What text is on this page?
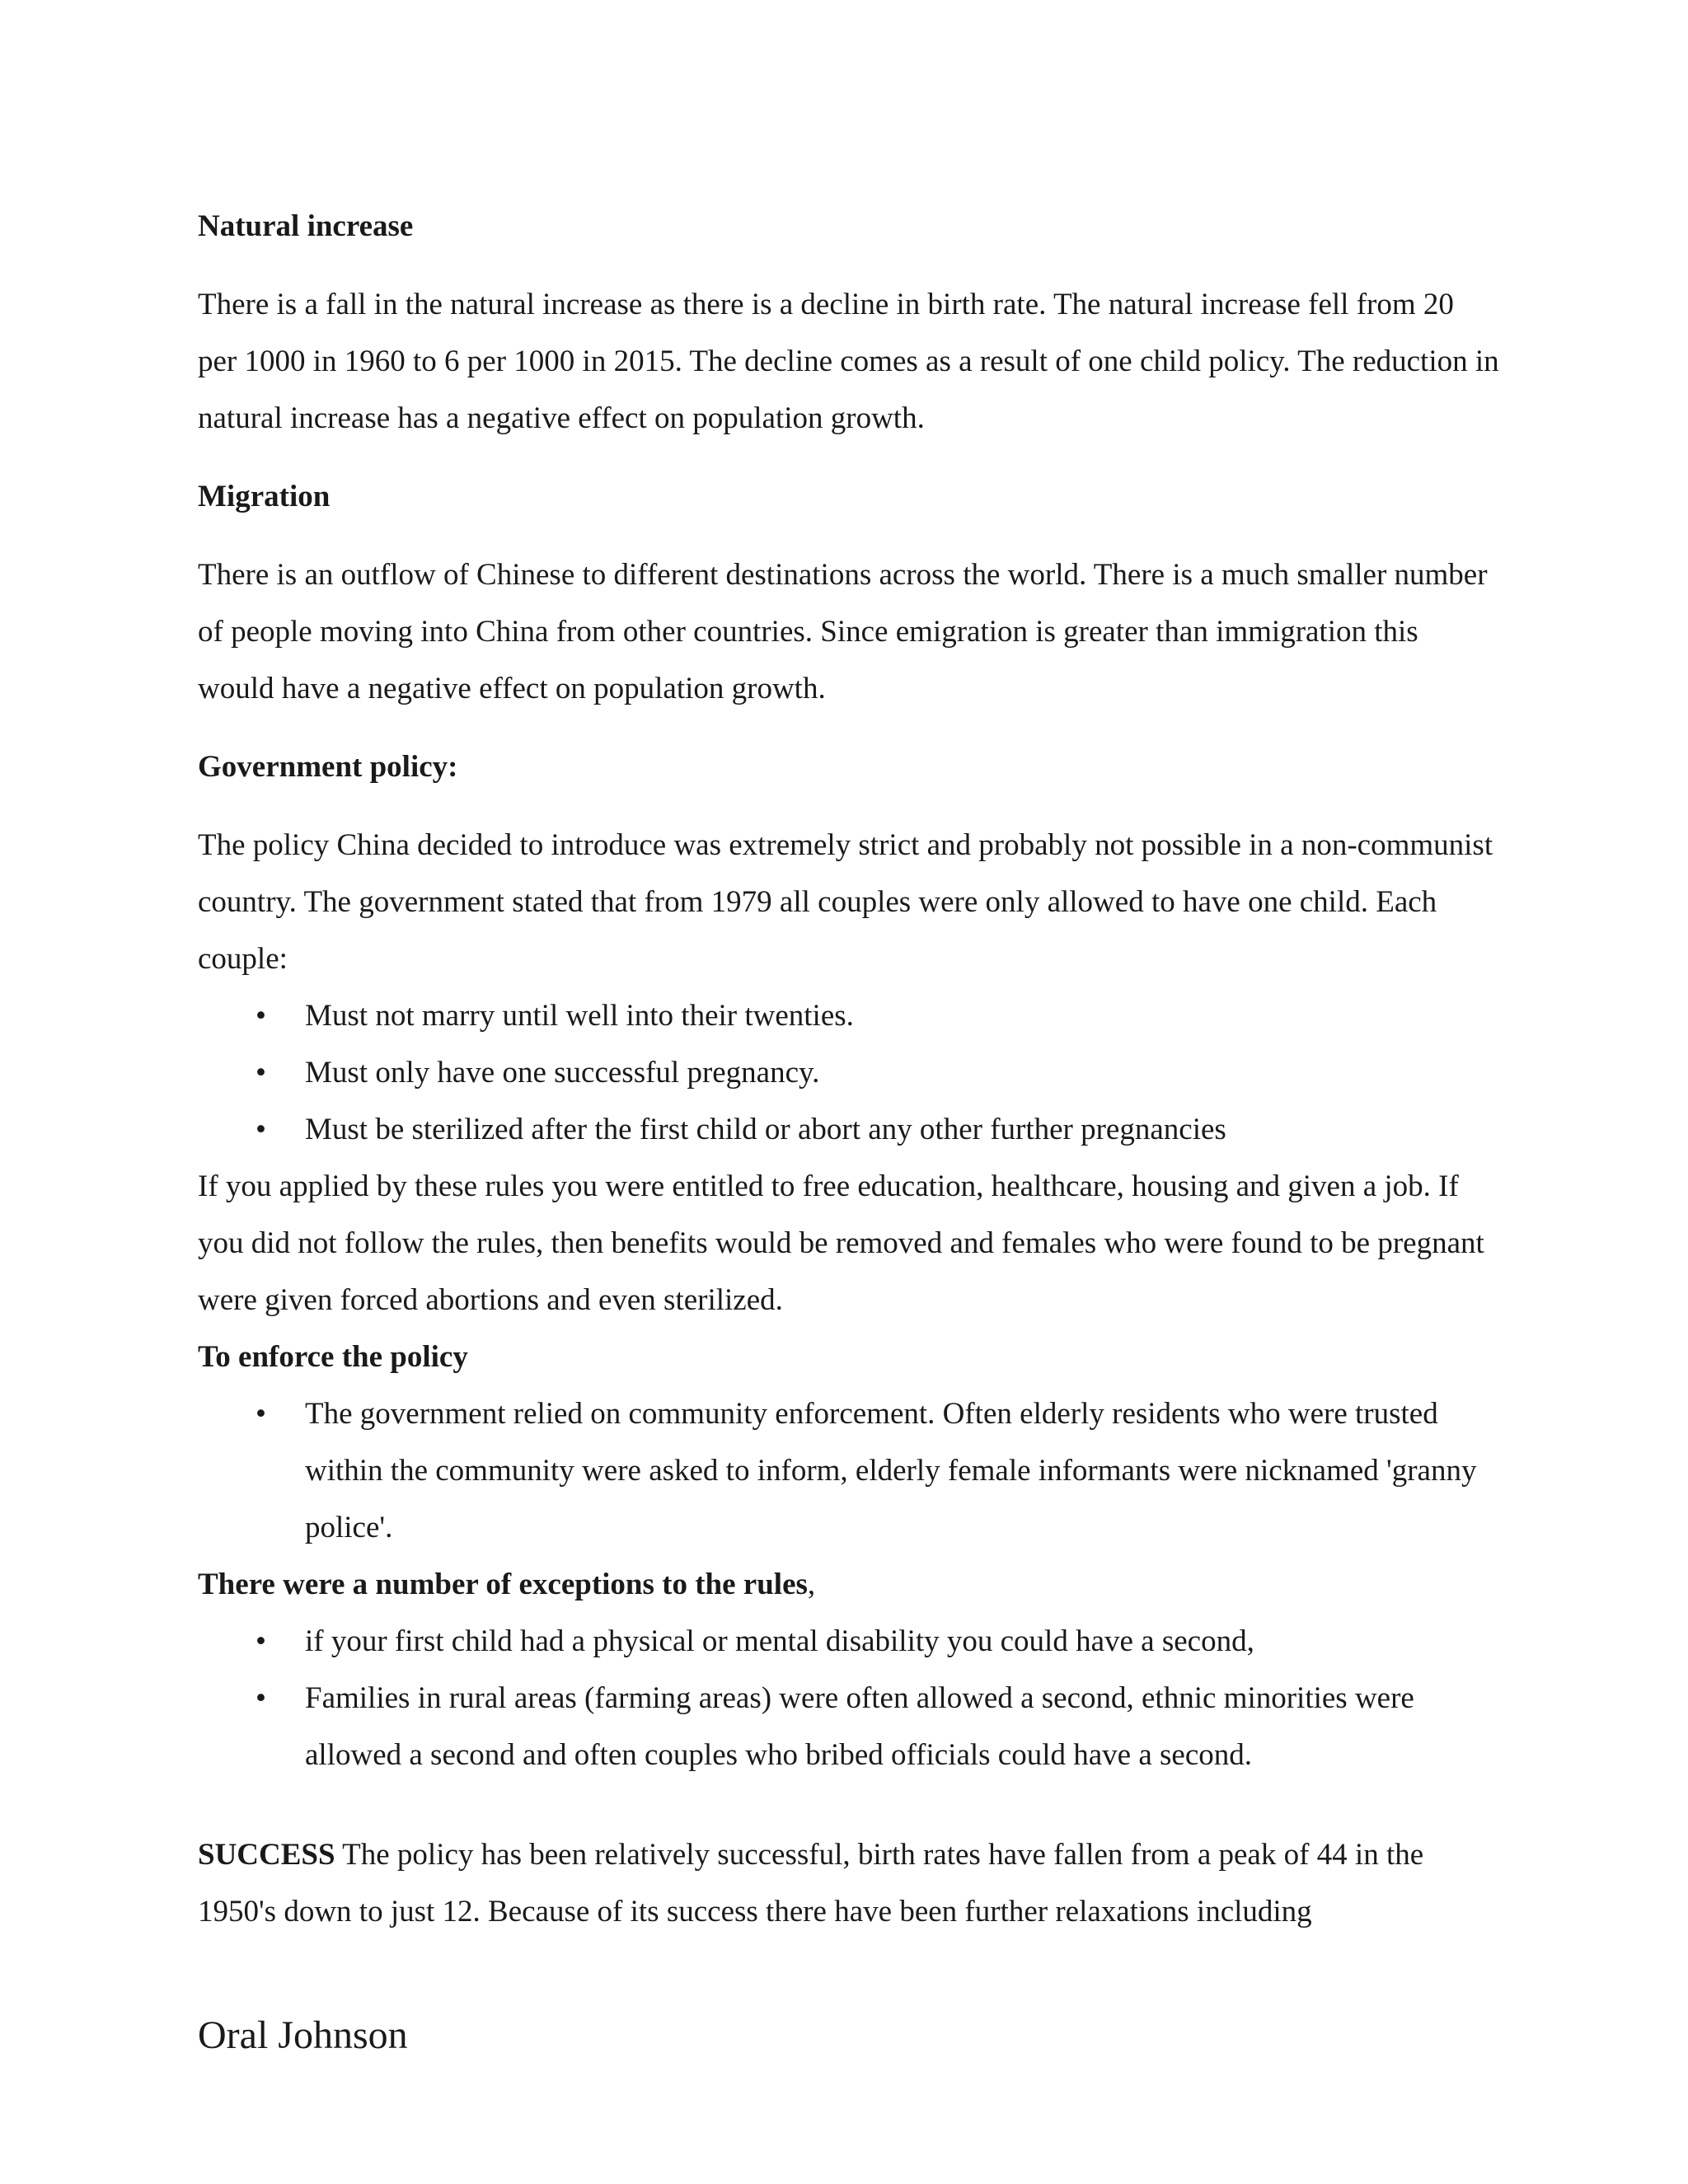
Natural increase

There is a fall in the natural increase as there is a decline in birth rate. The natural increase fell from 20 per 1000 in 1960 to 6 per 1000 in 2015. The decline comes as a result of one child policy. The reduction in natural increase has a negative effect on population growth.

Migration

There is an outflow of Chinese to different destinations across the world. There is a much smaller number of people moving into China from other countries. Since emigration is greater than immigration this would have a negative effect on population growth.

Government policy:

The policy China decided to introduce was extremely strict and probably not possible in a non-communist country. The government stated that from 1979 all couples were only allowed to have one child. Each couple:

• Must not marry until well into their twenties.
• Must only have one successful pregnancy.
• Must be sterilized after the first child or abort any other further pregnancies

If you applied by these rules you were entitled to free education, healthcare, housing and given a job. If you did not follow the rules, then benefits would be removed and females who were found to be pregnant were given forced abortions and even sterilized.

To enforce the policy

• The government relied on community enforcement. Often elderly residents who were trusted within the community were asked to inform, elderly female informants were nicknamed 'granny police'.

There were a number of exceptions to the rules,

• if your first child had a physical or mental disability you could have a second,
• Families in rural areas (farming areas) were often allowed a second, ethnic minorities were allowed a second and often couples who bribed officials could have a second.

SUCCESS The policy has been relatively successful, birth rates have fallen from a peak of 44 in the 1950's down to just 12. Because of its success there have been further relaxations including

Oral Johnson
